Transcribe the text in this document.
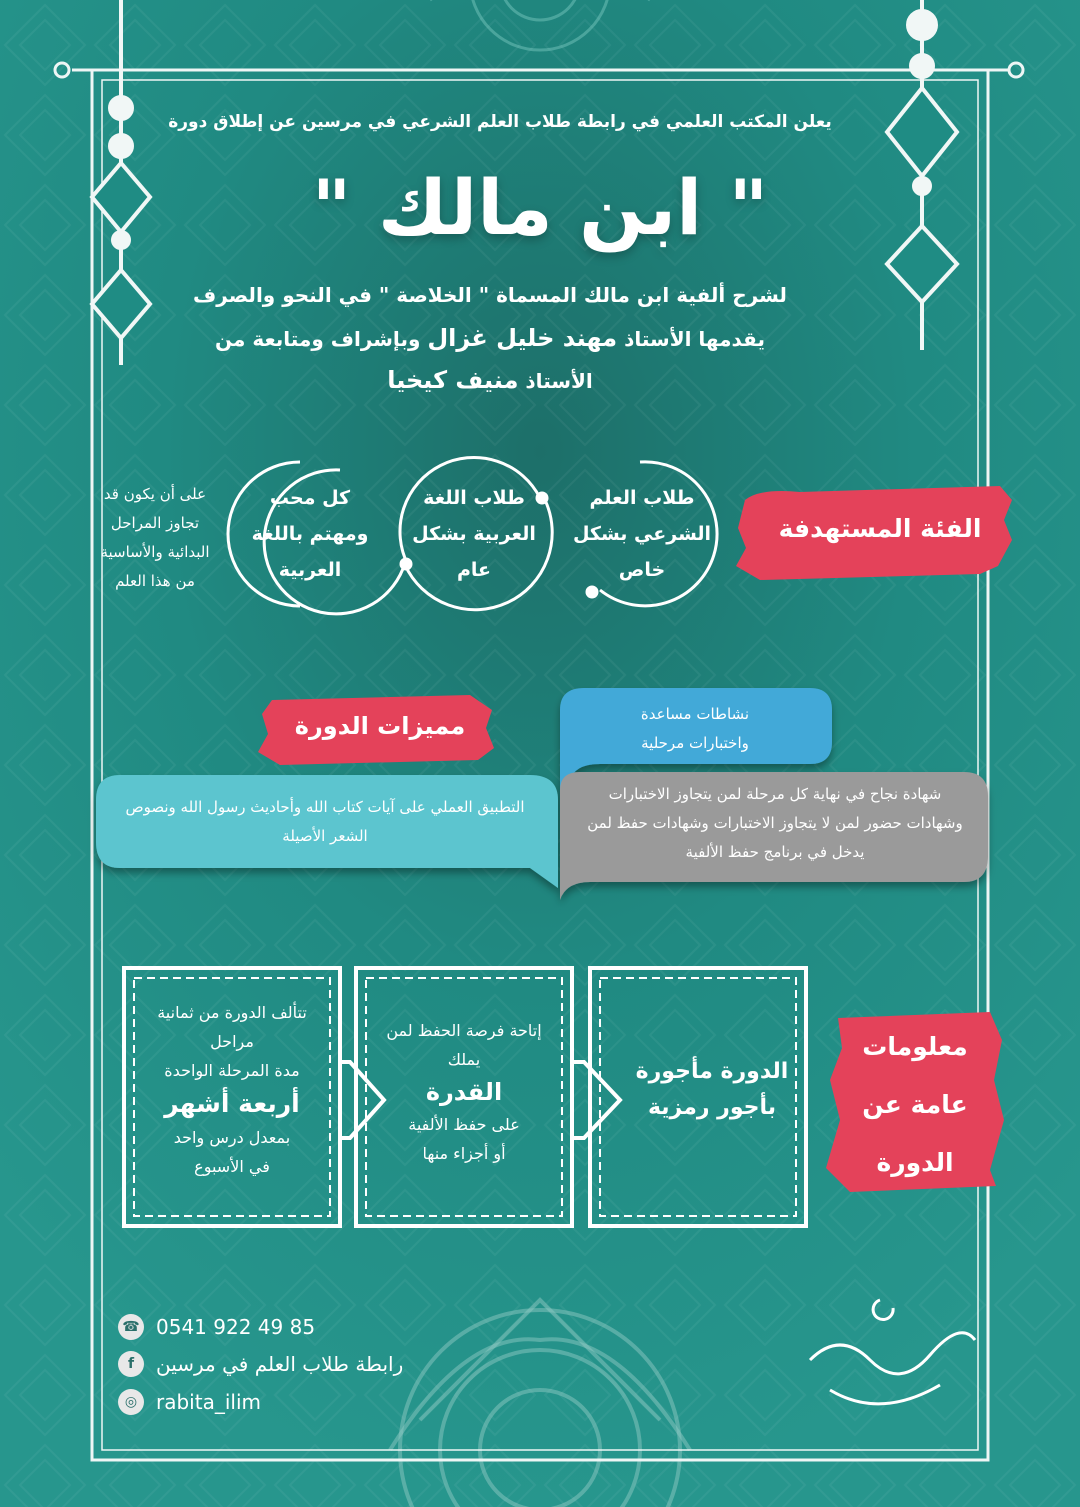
يعلن المكتب العلمي في رابطة طلاب العلم الشرعي في مرسين عن إطلاق دورة
" ابن مالك "
لشرح ألفية ابن مالك المسماة " الخلاصة " في النحو والصرف
يقدمها الأستاذ مهند خليل غزال وبإشراف ومتابعة من
الأستاذ منيف كيخيا
الفئة المستهدفة
طلاب العلم
الشرعي بشكل
خاص
طلاب اللغة
العربية بشكل
عام
كل محب
ومهتم باللغة
العربية
على أن يكون قد
تجاوز المراحل
البدائية والأساسية
من هذا العلم
مميزات الدورة	نشاطات مساعدة
واختبارات مرحلية
التطبيق العملي على آيات كتاب الله وأحاديث رسول الله ونصوص
الشعر الأصيلة
شهادة نجاح في نهاية كل مرحلة لمن يتجاوز الاختبارات
وشهادات حضور لمن لا يتجاوز الاختبارات وشهادات حفظ لمن
يدخل في برنامج حفظ الألفية
معلومات
عامة عن
الدورة
الدورة مأجورة
بأجور رمزية
إتاحة فرصة الحفظ لمن
يملك
القدرة
على حفظ الألفية
أو أجزاء منها
تتألف الدورة من ثمانية
مراحل
مدة المرحلة الواحدة
أربعة أشهر
بمعدل درس واحد
في الأسبوع
☎ 0541 922 49 85
f	رابطة طلاب العلم في مرسين
◎ rabita_ilim
